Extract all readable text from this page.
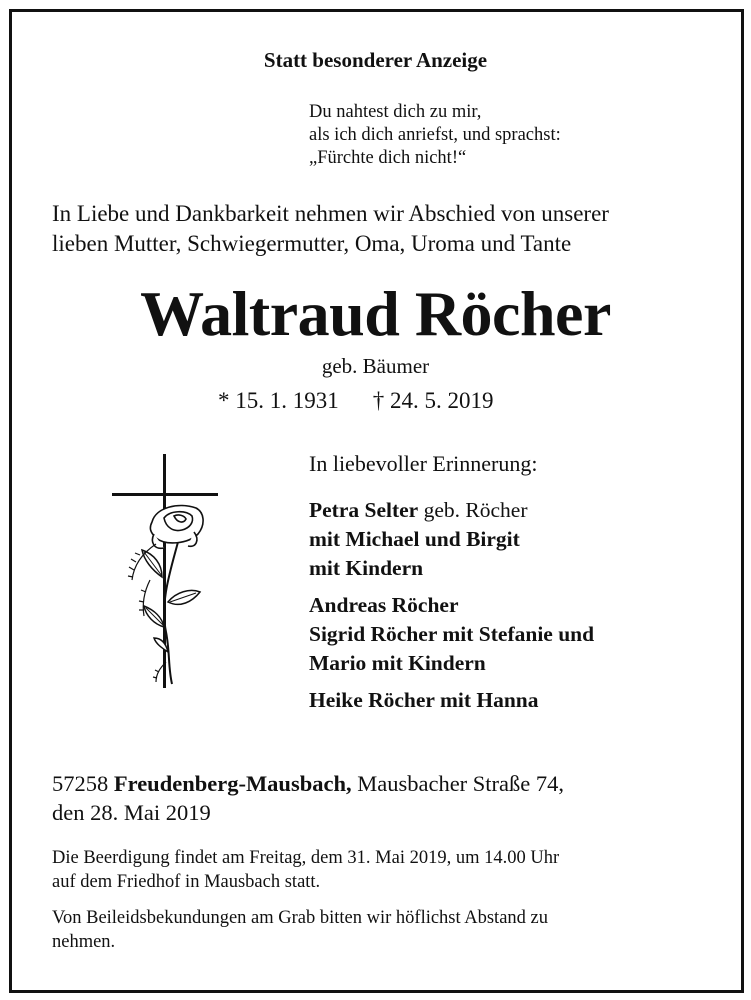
Statt besonderer Anzeige
Du nahtest dich zu mir,
als ich dich anriefst, und sprachst:
„Fürchte dich nicht!“
In Liebe und Dankbarkeit nehmen wir Abschied von unserer
lieben Mutter, Schwiegermutter, Oma, Uroma und Tante
Waltraud Röcher
geb. Bäumer
* 15. 1. 1931 † 24. 5. 2019
In liebevoller Erinnerung:
Petra Selter geb. Röcher
mit Michael und Birgit
mit Kindern
Andreas Röcher
Sigrid Röcher mit Stefanie und
Mario mit Kindern
Heike Röcher mit Hanna
57258 Freudenberg-Mausbach, Mausbacher Straße 74,
den 28. Mai 2019
Die Beerdigung findet am Freitag, dem 31. Mai 2019, um 14.00 Uhr
auf dem Friedhof in Mausbach statt.
Von Beileidsbekundungen am Grab bitten wir höflichst Abstand zu
nehmen.
